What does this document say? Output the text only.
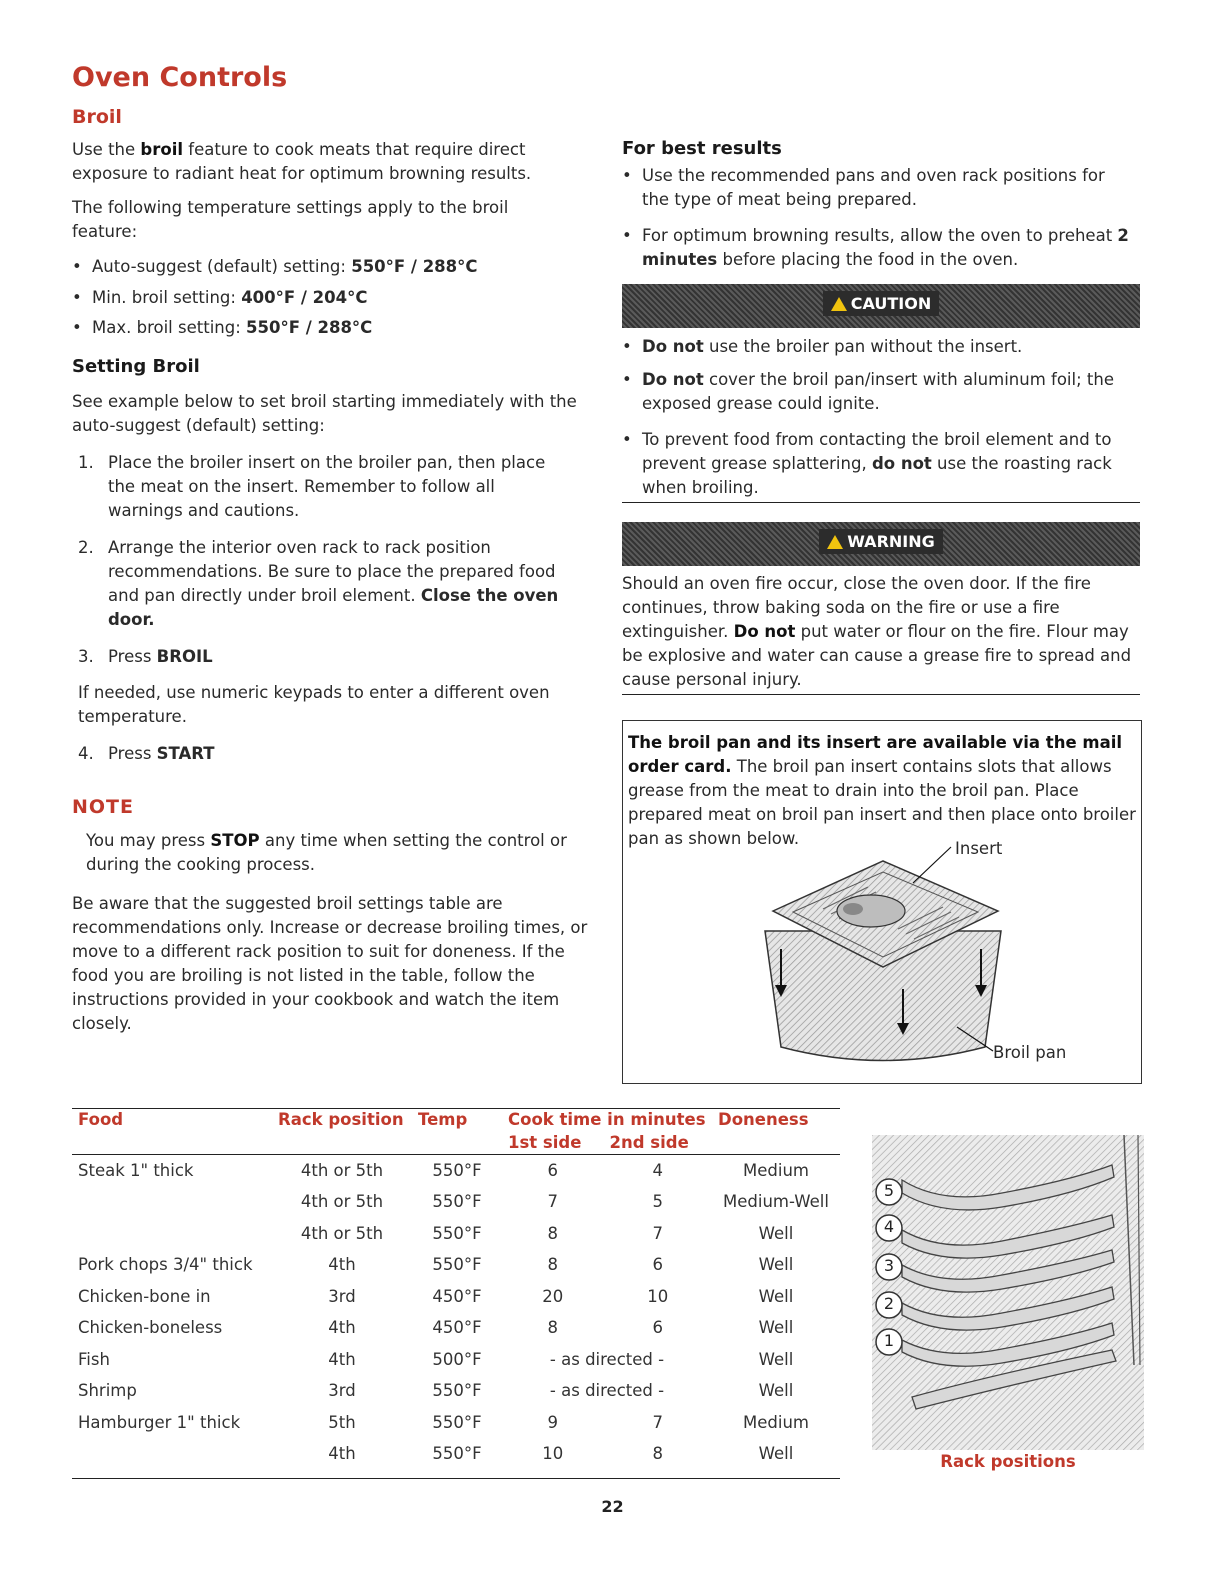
Oven Controls
Broil
Use the broil feature to cook meats that require direct exposure to radiant heat for optimum browning results.
The following temperature settings apply to the broil feature:
• Auto-suggest (default) setting: 550°F / 288°C
• Min. broil setting: 400°F / 204°C
• Max. broil setting: 550°F / 288°C
Setting Broil
See example below to set broil starting immediately with the auto-suggest (default) setting:
1. Place the broiler insert on the broiler pan, then place the meat on the insert. Remember to follow all warnings and cautions.
2. Arrange the interior oven rack to rack position recommendations. Be sure to place the prepared food and pan directly under broil element. Close the oven door.
3. Press BROIL
If needed, use numeric keypads to enter a different oven temperature.
4. Press START
NOTE
You may press STOP any time when setting the control or during the cooking process.
Be aware that the suggested broil settings table are recommendations only. Increase or decrease broiling times, or move to a different rack position to suit for doneness. If the food you are broiling is not listed in the table, follow the instructions provided in your cookbook and watch the item closely.
For best results
• Use the recommended pans and oven rack positions for the type of meat being prepared.
• For optimum browning results, allow the oven to preheat 2 minutes before placing the food in the oven.
CAUTION
• Do not use the broiler pan without the insert.
• Do not cover the broil pan/insert with aluminum foil; the exposed grease could ignite.
• To prevent food from contacting the broil element and to prevent grease splattering, do not use the roasting rack when broiling.
WARNING
Should an oven fire occur, close the oven door. If the fire continues, throw baking soda on the fire or use a fire extinguisher. Do not put water or flour on the fire. Flour may be explosive and water can cause a grease fire to spread and cause personal injury.
The broil pan and its insert are available via the mail order card. The broil pan insert contains slots that allows grease from the meat to drain into the broil pan. Place prepared meat on broil pan insert and then place onto broiler pan as shown below.
Insert
Broil pan
Food	Rack position	Temp	Cook time in minutes		Doneness
			1st side	2nd side	
Steak 1" thick	4th or 5th	550°F	6	4	Medium
	4th or 5th	550°F	7	5	Medium-Well
	4th or 5th	550°F	8	7	Well
Pork chops 3/4" thick	4th	550°F	8	6	Well
Chicken-bone in	3rd	450°F	20	10	Well
Chicken-boneless	4th	450°F	8	6	Well
Fish	4th	500°F	- as directed -		Well
Shrimp	3rd	550°F	- as directed -		Well
Hamburger 1" thick	5th	550°F	9	7	Medium
	4th	550°F	10	8	Well
5
4
3
2
1
Rack positions
22
